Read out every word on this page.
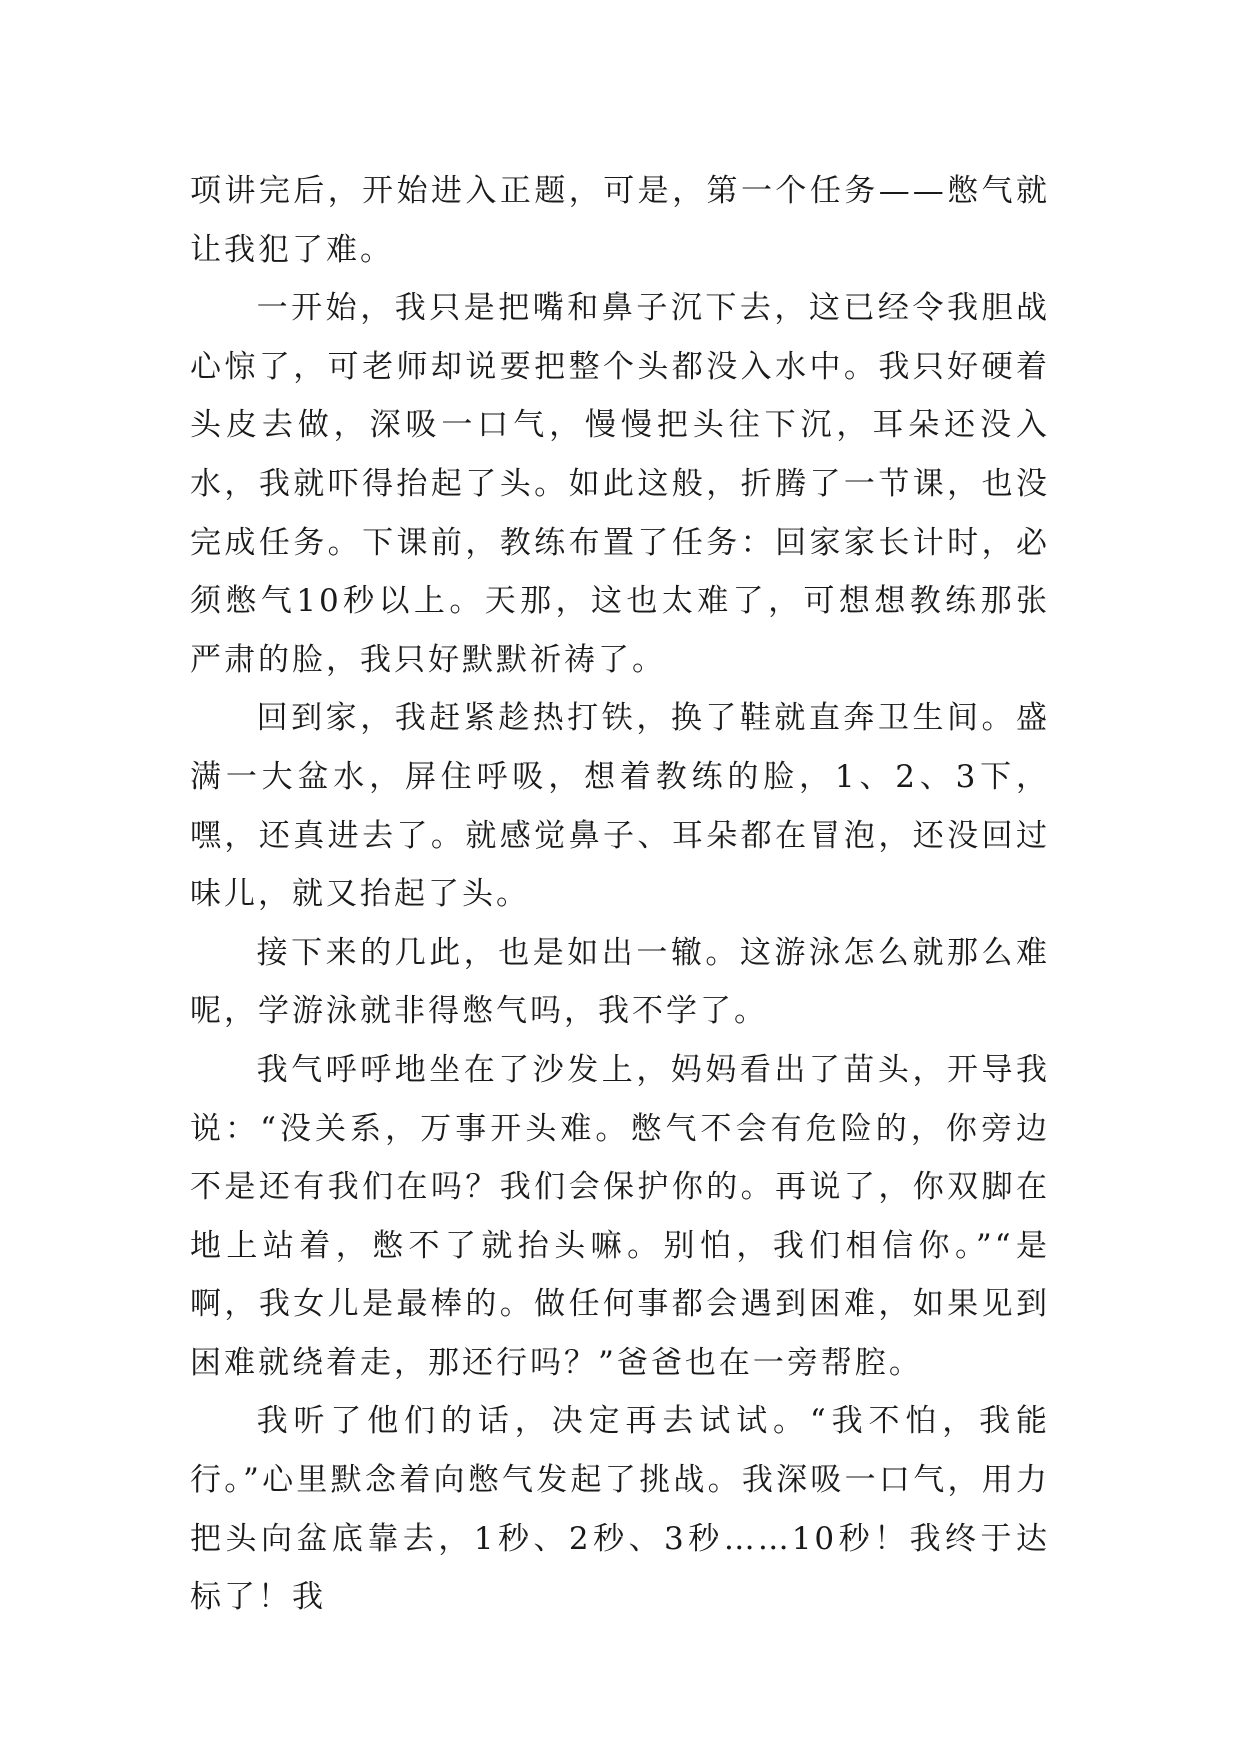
项讲完后，开始进入正题，可是，第一个任务——憋气就让我犯了难。

一开始，我只是把嘴和鼻子沉下去，这已经令我胆战心惊了，可老师却说要把整个头都没入水中。我只好硬着头皮去做，深吸一口气，慢慢把头往下沉，耳朵还没入水，我就吓得抬起了头。如此这般，折腾了一节课，也没完成任务。下课前，教练布置了任务：回家家长计时，必须憋气10秒以上。天那，这也太难了，可想想教练那张严肃的脸，我只好默默祈祷了。

回到家，我赶紧趁热打铁，换了鞋就直奔卫生间。盛满一大盆水，屏住呼吸，想着教练的脸，1、2、3下，嘿，还真进去了。就感觉鼻子、耳朵都在冒泡，还没回过味儿，就又抬起了头。

接下来的几此，也是如出一辙。这游泳怎么就那么难呢，学游泳就非得憋气吗，我不学了。

我气呼呼地坐在了沙发上，妈妈看出了苗头，开导我说：“没关系，万事开头难。憋气不会有危险的，你旁边不是还有我们在吗？我们会保护你的。再说了，你双脚在地上站着，憋不了就抬头嘛。别怕，我们相信你。”“是啊，我女儿是最棒的。做任何事都会遇到困难，如果见到困难就绕着走，那还行吗？”爸爸也在一旁帮腔。

我听了他们的话，决定再去试试。“我不怕，我能行。”心里默念着向憋气发起了挑战。我深吸一口气，用力把头向盆底靠去，1秒、2秒、3秒……10秒！我终于达标了！我
